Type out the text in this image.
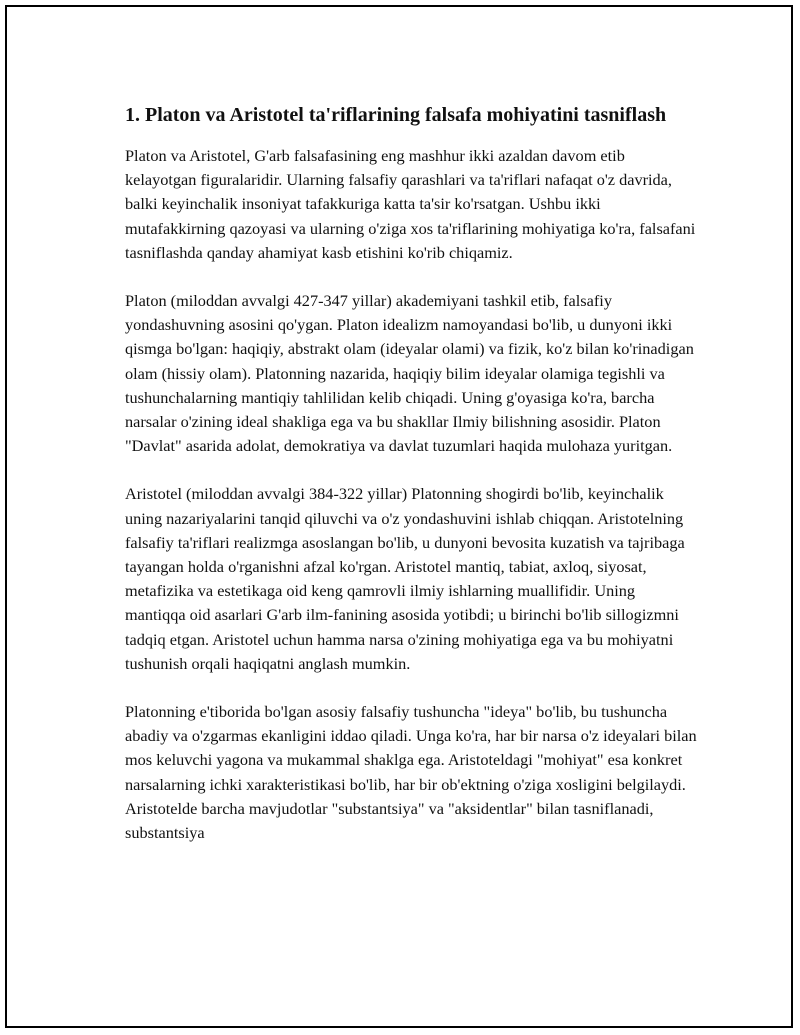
1. Platon va Aristotel ta'riflarining falsafa mohiyatini tasniflash

Platon va Aristotel, G'arb falsafasining eng mashhur ikki azaldan davom etib kelayotgan figuralaridir. Ularning falsafiy qarashlari va ta'riflari nafaqat o'z davrida, balki keyinchalik insoniyat tafakkuriga katta ta'sir ko'rsatgan. Ushbu ikki mutafakkirning qazoyasi va ularning o'ziga xos ta'riflarining mohiyatiga ko'ra, falsafani tasniflashda qanday ahamiyat kasb etishini ko'rib chiqamiz.

Platon (miloddan avvalgi 427-347 yillar) akademiyani tashkil etib, falsafiy yondashuvning asosini qo'ygan. Platon idealizm namoyandasi bo'lib, u dunyoni ikki qismga bo'lgan: haqiqiy, abstrakt olam (ideyalar olami) va fizik, ko'z bilan ko'rinadigan olam (hissiy olam). Platonning nazarida, haqiqiy bilim ideyalar olamiga tegishli va tushunchalarning mantiqiy tahlilidan kelib chiqadi. Uning g'oyasiga ko'ra, barcha narsalar o'zining ideal shakliga ega va bu shakllar Ilmiy bilishning asosidir. Platon "Davlat" asarida adolat, demokratiya va davlat tuzumlari haqida mulohaza yuritgan.

Aristotel (miloddan avvalgi 384-322 yillar) Platonning shogirdi bo'lib, keyinchalik uning nazariyalarini tanqid qiluvchi va o'z yondashuvini ishlab chiqqan. Aristotelning falsafiy ta'riflari realizmga asoslangan bo'lib, u dunyoni bevosita kuzatish va tajribaga tayangan holda o'rganishni afzal ko'rgan. Aristotel mantiq, tabiat, axloq, siyosat, metafizika va estetikaga oid keng qamrovli ilmiy ishlarning muallifidir. Uning mantiqqa oid asarlari G'arb ilm-fanining asosida yotibdi; u birinchi bo'lib sillogizmni tadqiq etgan. Aristotel uchun hamma narsa o'zining mohiyatiga ega va bu mohiyatni tushunish orqali haqiqatni anglash mumkin.

Platonning e'tiborida bo'lgan asosiy falsafiy tushuncha "ideya" bo'lib, bu tushuncha abadiy va o'zgarmas ekanligini iddao qiladi. Unga ko'ra, har bir narsa o'z ideyalari bilan mos keluvchi yagona va mukammal shaklga ega. Aristoteldagi "mohiyat" esa konkret narsalarning ichki xarakteristikasi bo'lib, har bir ob'ektning o'ziga xosligini belgilaydi. Aristotelde barcha mavjudotlar "substantsiya" va "aksidentlar" bilan tasniflanadi, substantsiya
